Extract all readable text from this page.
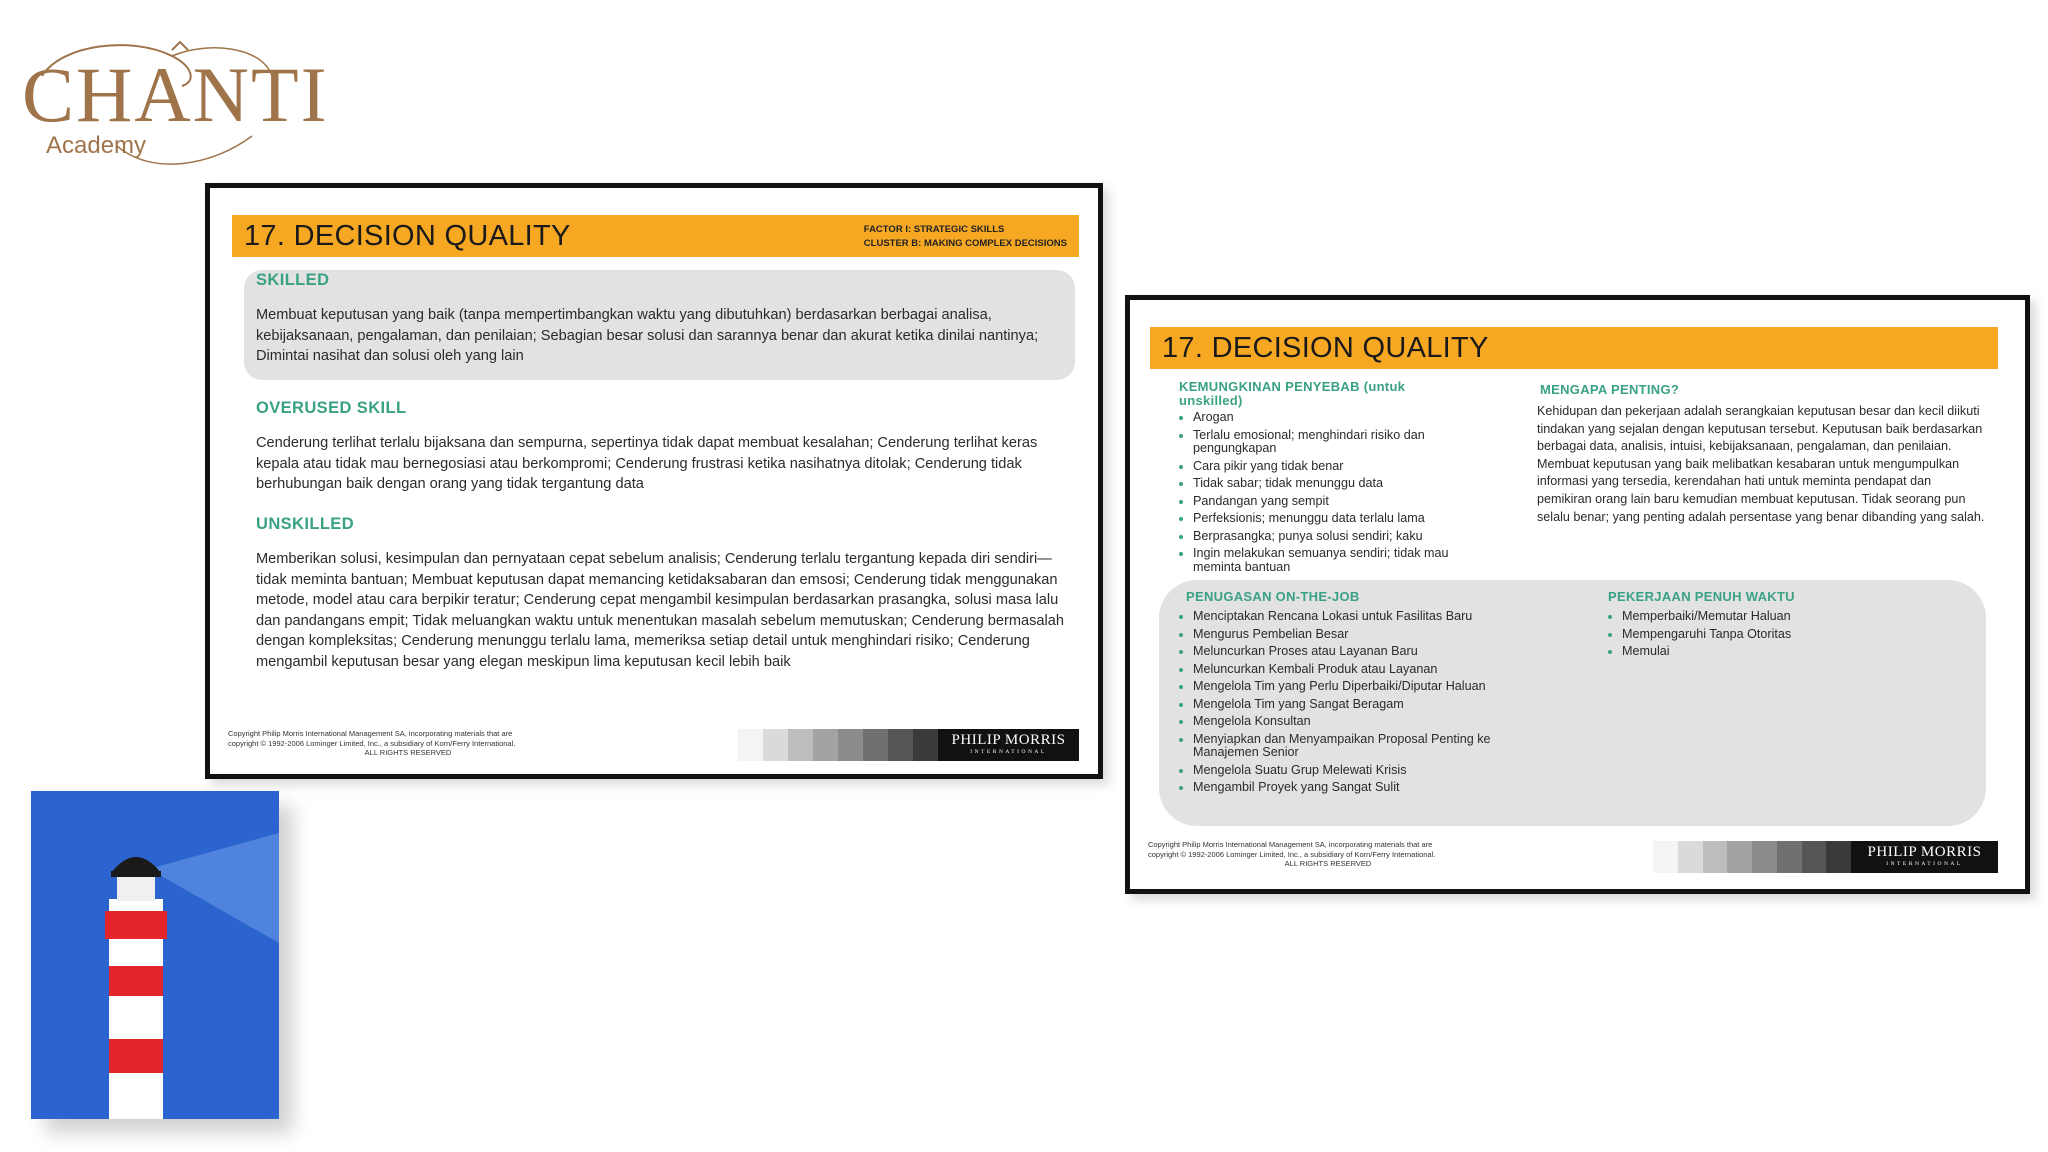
CHANTI
Academy
17. DECISION QUALITY	FACTOR I: STRATEGIC SKILLS
CLUSTER B: MAKING COMPLEX DECISIONS
SKILLED
Membuat keputusan yang baik (tanpa mempertimbangkan waktu yang dibutuhkan) berdasarkan berbagai analisa, kebijaksanaan, pengalaman, dan penilaian; Sebagian besar solusi dan sarannya benar dan akurat ketika dinilai nantinya; Dimintai nasihat dan solusi oleh yang lain
OVERUSED SKILL
Cenderung terlihat terlalu bijaksana dan sempurna, sepertinya tidak dapat membuat kesalahan; Cenderung terlihat keras kepala atau tidak mau bernegosiasi atau berkompromi; Cenderung frustrasi ketika nasihatnya ditolak; Cenderung tidak berhubungan baik dengan orang yang tidak tergantung data
UNSKILLED
Memberikan solusi, kesimpulan dan pernyataan cepat sebelum analisis; Cenderung terlalu tergantung kepada diri sendiri—tidak meminta bantuan; Membuat keputusan dapat memancing ketidaksabaran dan emsosi; Cenderung tidak menggunakan metode, model atau cara berpikir teratur; Cenderung cepat mengambil kesimpulan berdasarkan prasangka, solusi masa lalu dan pandangans empit; Tidak meluangkan waktu untuk menentukan masalah sebelum memutuskan; Cenderung bermasalah dengan kompleksitas; Cenderung menunggu terlalu lama, memeriksa setiap detail untuk menghindari risiko; Cenderung mengambil keputusan besar yang elegan meskipun lima keputusan kecil lebih baik
Copyright Philip Morris International Management SA, incorporating materials that are
copyright © 1992-2006 Lominger Limited, Inc., a subsidiary of Korn/Ferry International.
ALL RIGHTS RESERVED
PHILIP MORRIS
INTERNATIONAL
17. DECISION QUALITY
KEMUNGKINAN PENYEBAB (untuk unskilled)
Arogan
Terlalu emosional; menghindari risiko dan pengungkapan
Cara pikir yang tidak benar
Tidak sabar; tidak menunggu data
Pandangan yang sempit
Perfeksionis; menunggu data terlalu lama
Berprasangka; punya solusi sendiri; kaku
Ingin melakukan semuanya sendiri; tidak mau meminta bantuan
MENGAPA PENTING?
Kehidupan dan pekerjaan adalah serangkaian keputusan besar dan kecil diikuti tindakan yang sejalan dengan keputusan tersebut. Keputusan baik berdasarkan berbagai data, analisis, intuisi, kebijaksanaan, pengalaman, dan penilaian. Membuat keputusan yang baik melibatkan kesabaran untuk mengumpulkan informasi yang tersedia, kerendahan hati untuk meminta pendapat dan pemikiran orang lain baru kemudian membuat keputusan. Tidak seorang pun selalu benar; yang penting adalah persentase yang benar dibanding yang salah.
PENUGASAN ON-THE-JOB
Menciptakan Rencana Lokasi untuk Fasilitas Baru
Mengurus Pembelian Besar
Meluncurkan Proses atau Layanan Baru
Meluncurkan Kembali Produk atau Layanan
Mengelola Tim yang Perlu Diperbaiki/Diputar Haluan
Mengelola Tim yang Sangat Beragam
Mengelola Konsultan
Menyiapkan dan Menyampaikan Proposal Penting ke Manajemen Senior
Mengelola Suatu Grup Melewati Krisis
Mengambil Proyek yang Sangat Sulit
PEKERJAAN PENUH WAKTU
Memperbaiki/Memutar Haluan
Mempengaruhi Tanpa Otoritas
Memulai
Copyright Philip Morris International Management SA, incorporating materials that are
copyright © 1992-2006 Lominger Limited, Inc., a subsidiary of Korn/Ferry International.
ALL RIGHTS RESERVED
PHILIP MORRIS
INTERNATIONAL
